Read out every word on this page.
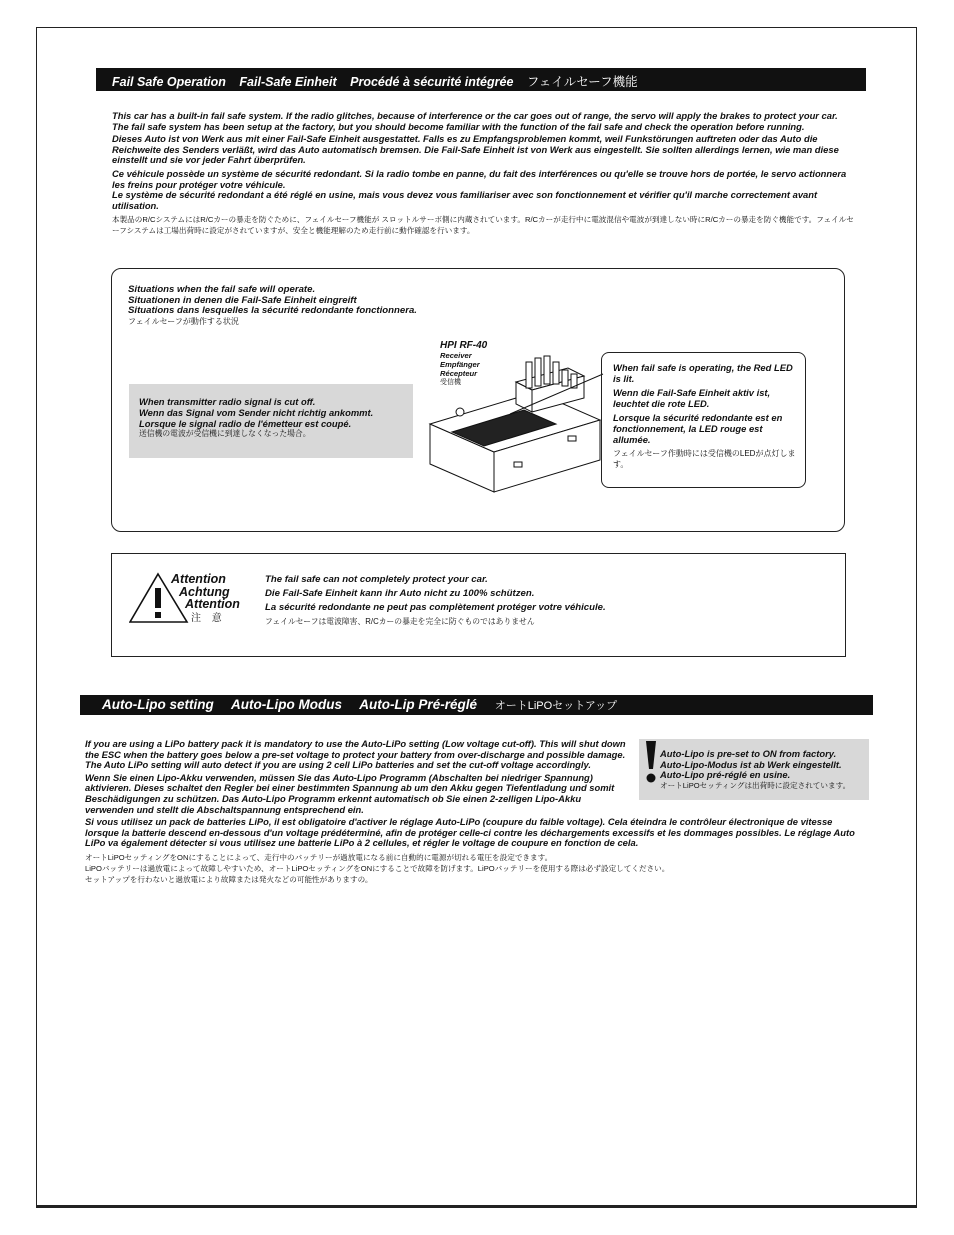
Fail Safe Operation Fail-Safe Einheit Procédé à sécurité intégrée フェイルセーフ機能

This car has a built-in fail safe system. If the radio glitches, because of interference or the car goes out of range, the servo will apply the brakes to protect your car. The fail safe system has been setup at the factory, but you should become familiar with the function of the fail safe and check the operation before running.

Dieses Auto ist von Werk aus mit einer Fail-Safe Einheit ausgestattet. Falls es zu Empfangsproblemen kommt, weil Funkstörungen auftreten oder das Auto die Reichweite des Senders verläßt, wird das Auto automatisch bremsen. Die Fail-Safe Einheit ist von Werk aus eingestellt. Sie sollten allerdings lernen, wie man diese einstellt und sie vor jeder Fahrt überprüfen.

Ce véhicule possède un système de sécurité redondant. Si la radio tombe en panne, du fait des interférences ou qu'elle se trouve hors de portée, le servo actionnera les freins pour protéger votre véhicule.

Le système de sécurité redondant a été réglé en usine, mais vous devez vous familiariser avec son fonctionnement et vérifier qu'il marche correctement avant utilisation.

本製品のR/CシステムにはR/Cカーの暴走を防ぐために、フェイルセーフ機能が スロットルサーボ側に内蔵されています。R/Cカーが走行中に電波混信や電波が到達しない時にR/Cカーの暴走を防ぐ機能です。フェイルセーフシステムは工場出荷時に設定がされていますが、安全と機能理解のため走行前に動作確認を行います。

Situations when the fail safe will operate.
Situationen in denen die Fail-Safe Einheit eingreift
Situations dans lesquelles la sécurité redondante fonctionnera.
フェイルセーフが動作する状況
When transmitter radio signal is cut off.
Wenn das Signal vom Sender nicht richtig ankommt.
Lorsque le signal radio de l'émetteur est coupé.
送信機の電波が受信機に到達しなくなった場合。
HPI RF-40
Receiver
Empfänger
Récepteur
受信機

When fail safe is operating, the Red LED is lit.

Wenn die Fail-Safe Einheit aktiv ist, leuchtet die rote LED.

Lorsque la sécurité redondante est en fonctionnement, la LED rouge est allumée.

フェイルセーフ作動時には受信機のLEDが点灯します。

Attention
Achtung
Attention
注 意
The fail safe can not completely protect your car.
Die Fail-Safe Einheit kann ihr Auto nicht zu 100% schützen.
La sécurité redondante ne peut pas complètement protéger votre véhicule.
フェイルセーフは電波障害、R/Cカーの暴走を完全に防ぐものではありません
Auto-Lipo setting Auto-Lipo Modus Auto-Lip Pré-réglé オートLiPOセットアップ

If you are using a LiPo battery pack it is mandatory to use the Auto-LiPo setting (Low voltage cut-off). This will shut down the ESC when the battery goes below a pre-set voltage to protect your battery from over-discharge and possible damage. The Auto LiPo setting will auto detect if you are using 2 cell LiPo batteries and set the cut-off voltage accordingly.

Wenn Sie einen Lipo-Akku verwenden, müssen Sie das Auto-Lipo Programm (Abschalten bei niedriger Spannung) aktivieren. Dieses schaltet den Regler bei einer bestimmten Spannung ab um den Akku gegen Tiefentladung und somit Beschädigungen zu schützen. Das Auto-Lipo Programm erkennt automatisch ob Sie einen 2-zelligen Lipo-Akku verwenden und stellt die Abschaltspannung entsprechend ein.

Si vous utilisez un pack de batteries LiPo, il est obligatoire d'activer le réglage Auto-LiPo (coupure du faible voltage). Cela éteindra le contrôleur électronique de vitesse lorsque la batterie descend en-dessous d'un voltage prédéterminé, afin de protéger celle-ci contre les déchargements excessifs et les dommages possibles. Le réglage Auto LiPo va également détecter si vous utilisez une batterie LiPo à 2 cellules, et régler le voltage de coupure en fonction de cela.

オートLiPOセッティングをONにすることによって、走行中のバッテリーが過放電になる前に自動的に電源が切れる電圧を設定できます。

LiPOバッテリーは過放電によって故障しやすいため、オートLiPOセッティングをONにすることで故障を防げます。LiPOバッテリーを使用する際は必ず設定してください。

セットアップを行わないと過放電により故障または発火などの可能性がありますの。

Auto-Lipo is pre-set to ON from factory.
Auto-Lipo-Modus ist ab Werk eingestellt.
Auto-Lipo pré-réglé en usine.
オートLiPOセッティングは出荷時に設定されています。
